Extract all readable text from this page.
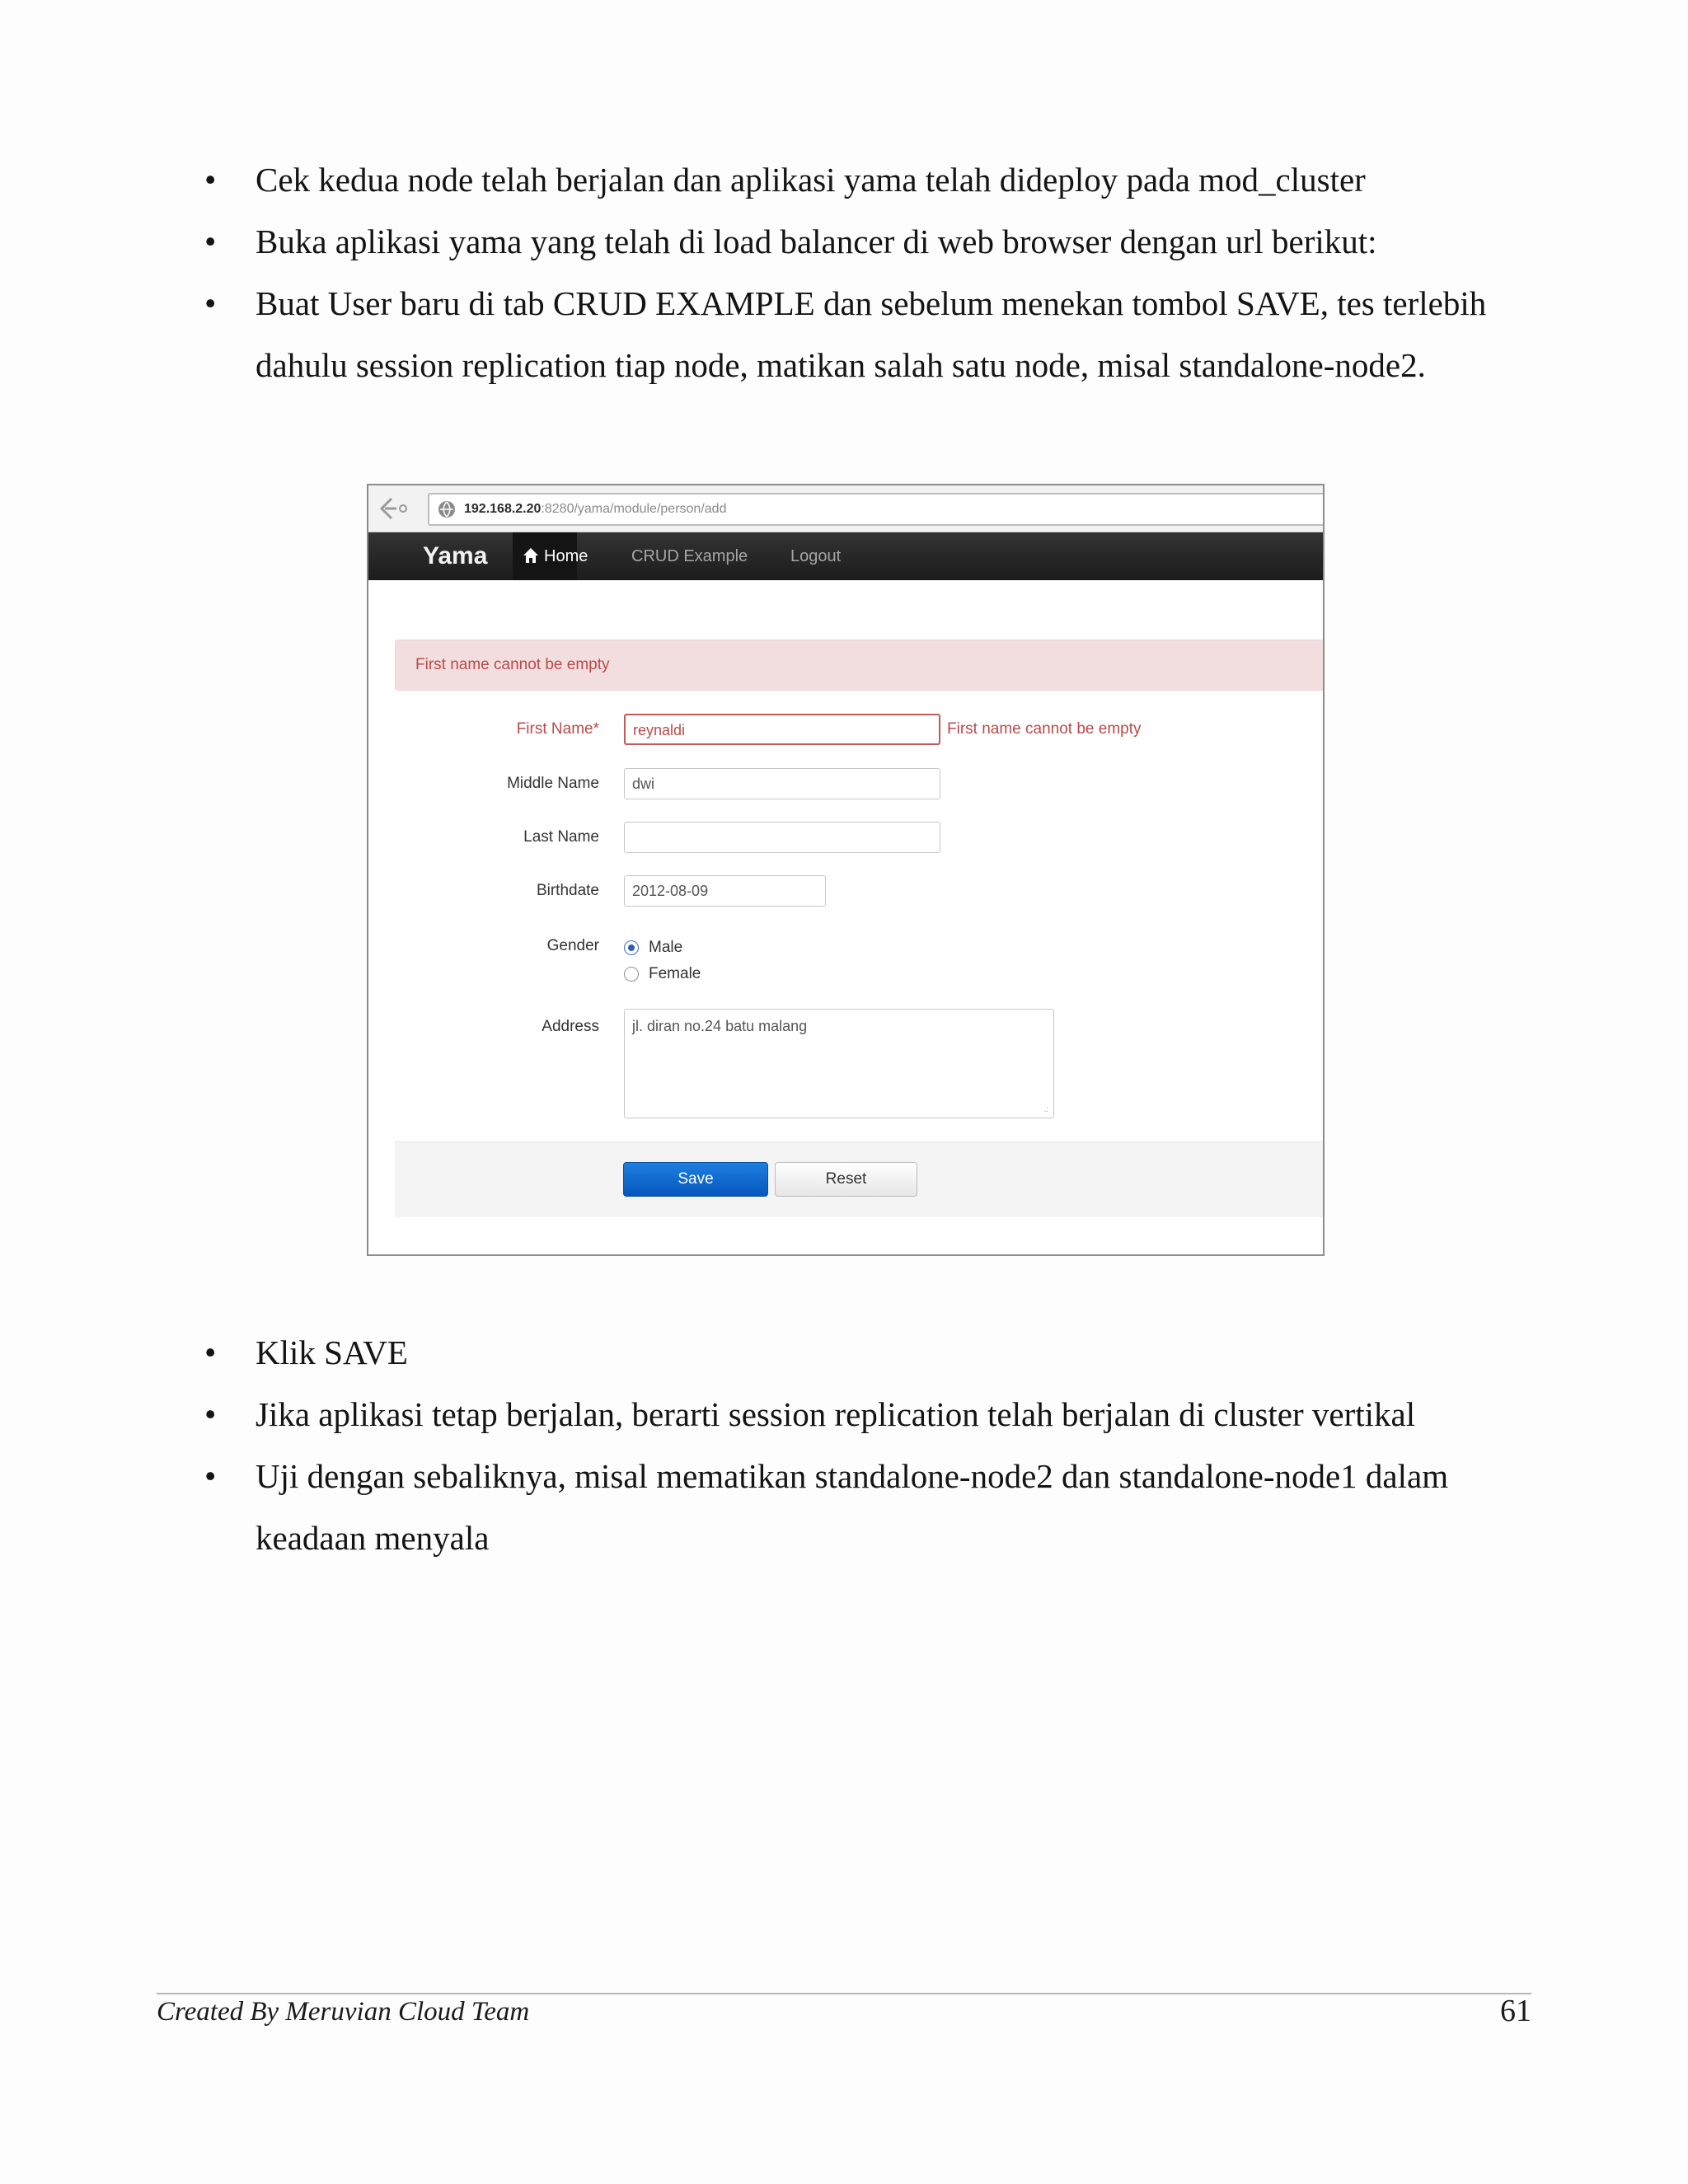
• Cek kedua node telah berjalan dan aplikasi yama telah dideploy pada mod_cluster
• Buka aplikasi yama yang telah di load balancer di web browser dengan url berikut:
• Buat User baru di tab CRUD EXAMPLE dan sebelum menekan tombol SAVE, tes terlebih dahulu session replication tiap node, matikan salah satu node, misal standalone-node2.
192.168.2.20:8280/yama/module/person/add
Yama	Home	CRUD Example	Logout
First name cannot be empty
First Name*	reynaldi	First name cannot be empty
Middle Name	dwi
Last Name
Birthdate	2012-08-09
Gender	Male
Female
Address	jl. diran no.24 batu malang
.:
Save	Reset
• Klik SAVE
• Jika aplikasi tetap berjalan, berarti session replication telah berjalan di cluster vertikal
• Uji dengan sebaliknya, misal mematikan standalone-node2 dan standalone-node1 dalam keadaan menyala
Created By Meruvian Cloud Team	61
